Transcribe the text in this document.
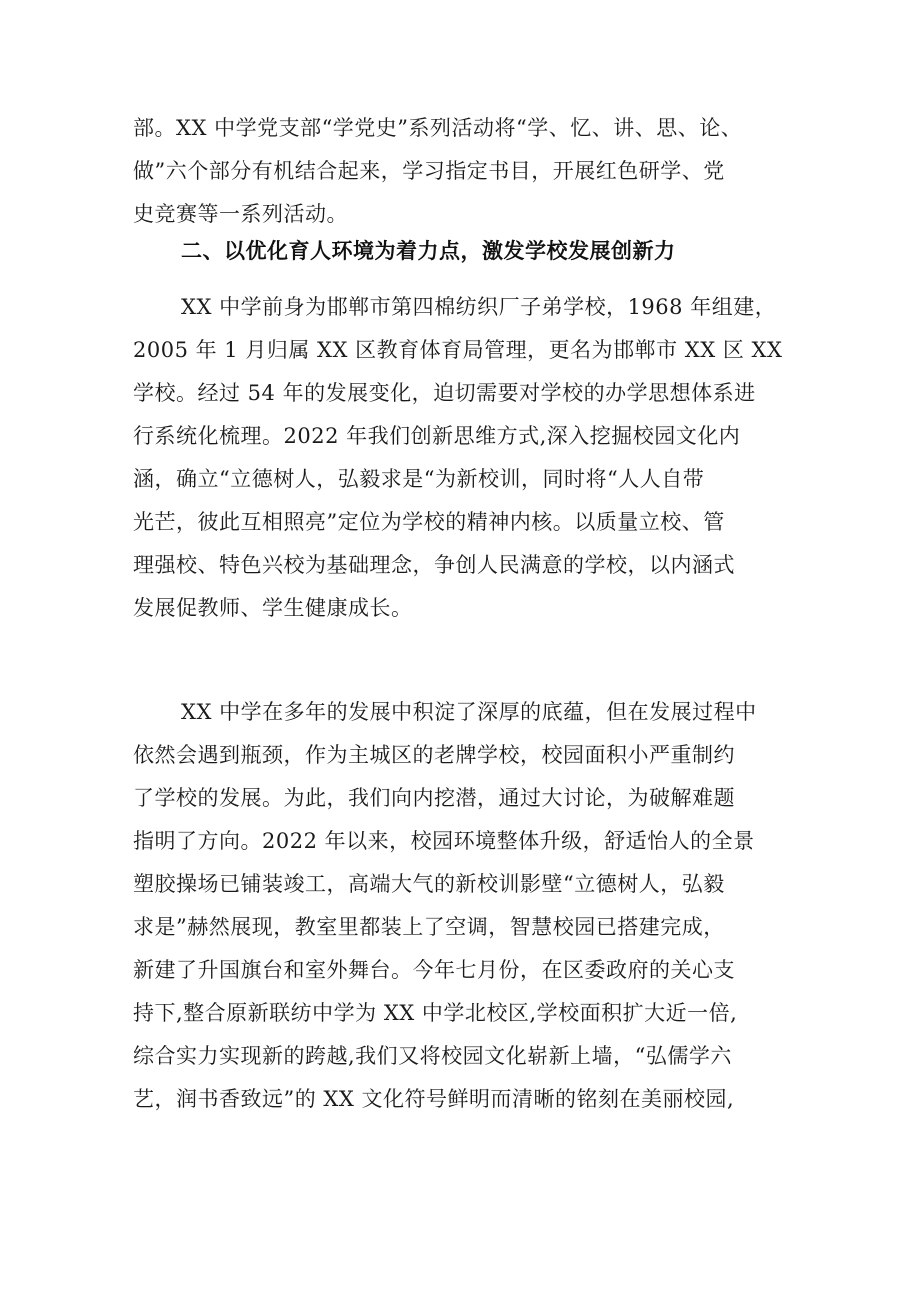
部。XX 中学党支部“学党史”系列活动将“学、忆、讲、思、论、
做”六个部分有机结合起来，学习指定书目，开展红色研学、党
史竞赛等一系列活动。
二、以优化育人环境为着力点，激发学校发展创新力
XX 中学前身为邯郸市第四棉纺织厂子弟学校，1968 年组建，
2005 年 1 月归属 XX 区教育体育局管理，更名为邯郸市 XX 区 XX
学校。经过 54 年的发展变化，迫切需要对学校的办学思想体系进
行系统化梳理。2022 年我们创新思维方式,深入挖掘校园文化内
涵，确立“立德树人，弘毅求是“为新校训，同时将“人人自带
光芒，彼此互相照亮”定位为学校的精神内核。以质量立校、管
理强校、特色兴校为基础理念，争创人民满意的学校，以内涵式
发展促教师、学生健康成长。
XX 中学在多年的发展中积淀了深厚的底蕴，但在发展过程中
依然会遇到瓶颈，作为主城区的老牌学校，校园面积小严重制约
了学校的发展。为此，我们向内挖潜，通过大讨论，为破解难题
指明了方向。2022 年以来，校园环境整体升级，舒适怡人的全景
塑胶操场已铺装竣工，高端大气的新校训影壁“立德树人，弘毅
求是”赫然展现，教室里都装上了空调，智慧校园已搭建完成，
新建了升国旗台和室外舞台。今年七月份，在区委政府的关心支
持下,整合原新联纺中学为 XX 中学北校区,学校面积扩大近一倍,
综合实力实现新的跨越,我们又将校园文化崭新上墙，“弘儒学六
艺，润书香致远”的 XX 文化符号鲜明而清晰的铭刻在美丽校园,
